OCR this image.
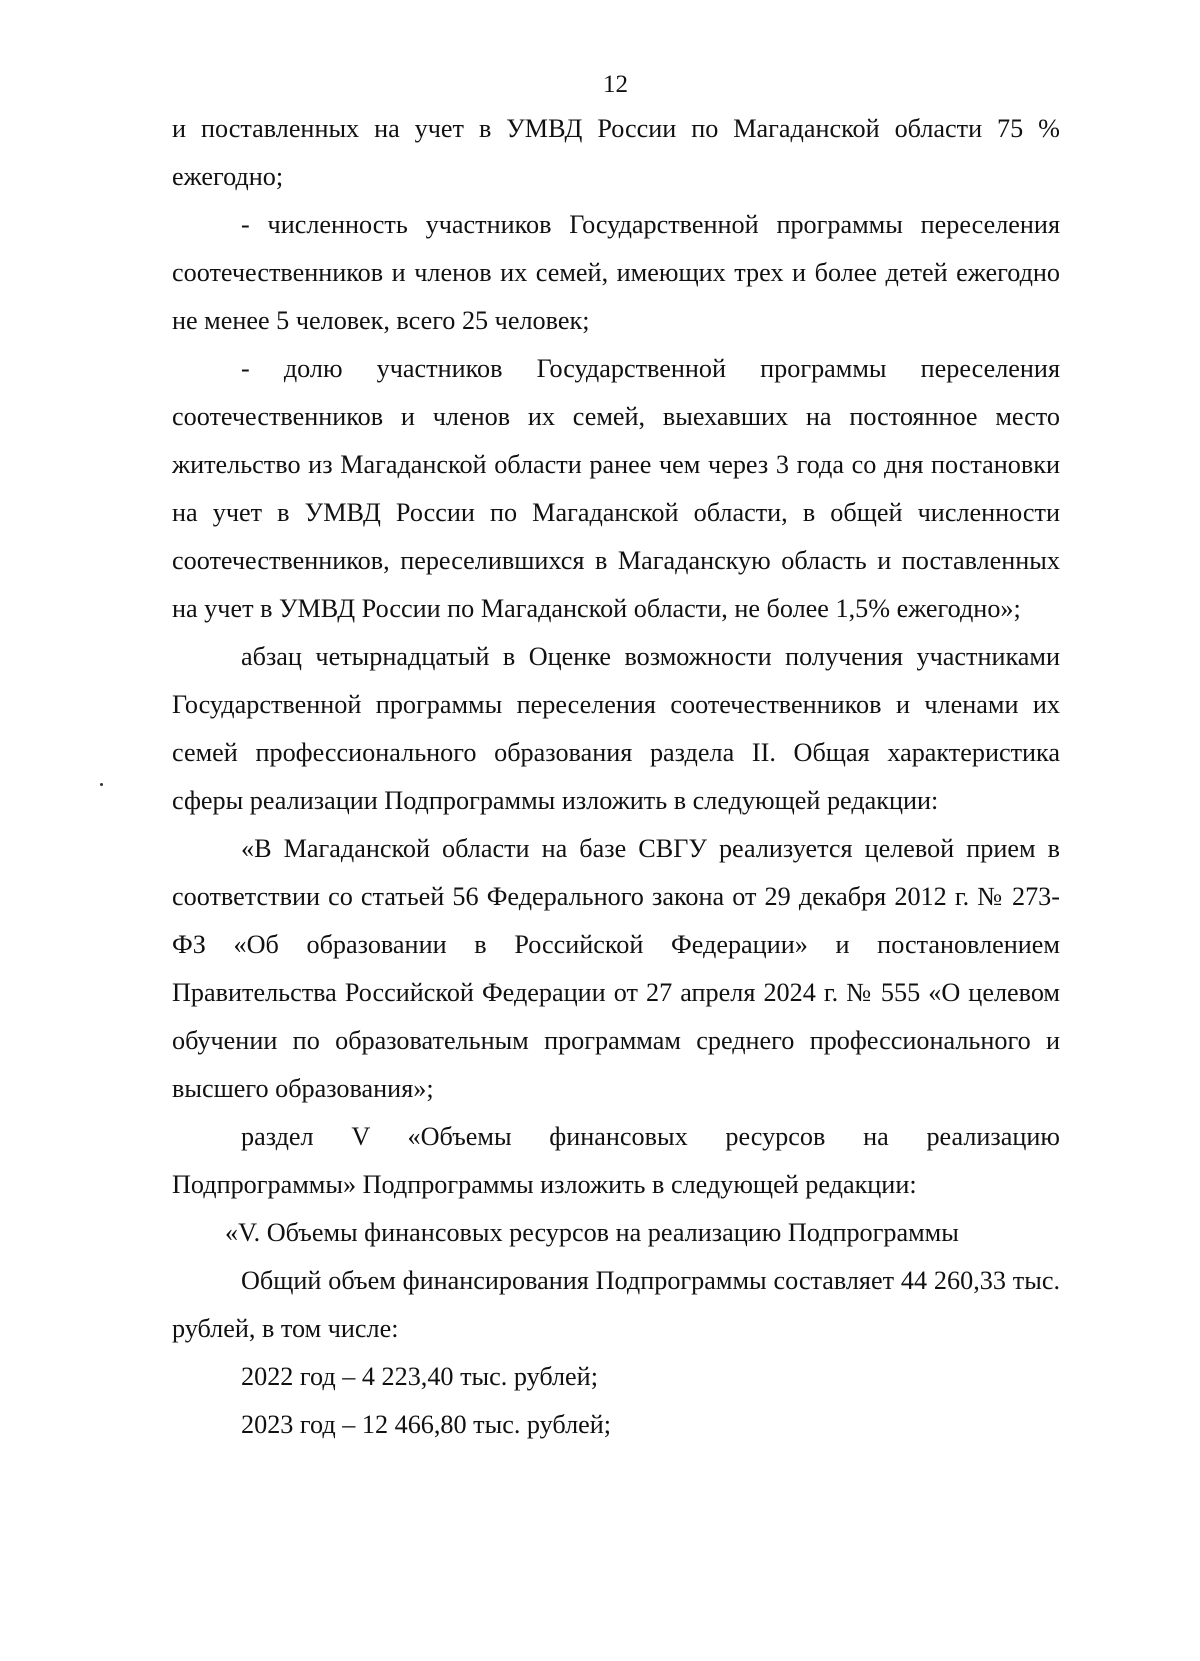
12

и поставленных на учет в УМВД России по Магаданской области 75 % ежегодно;

- численность участников Государственной программы переселения соотечественников и членов их семей, имеющих трех и более детей ежегодно не менее 5 человек, всего 25 человек;

- долю участников Государственной программы переселения соотечественников и членов их семей, выехавших на постоянное место жительство из Магаданской области ранее чем через 3 года со дня постановки на учет в УМВД России по Магаданской области, в общей численности соотечественников, переселившихся в Магаданскую область и поставленных на учет в УМВД России по Магаданской области, не более 1,5% ежегодно»;

абзац четырнадцатый в Оценке возможности получения участниками Государственной программы переселения соотечественников и членами их семей профессионального образования раздела II. Общая характеристика сферы реализации Подпрограммы изложить в следующей редакции:

«В Магаданской области на базе СВГУ реализуется целевой прием в соответствии со статьей 56 Федерального закона от 29 декабря 2012 г. № 273-ФЗ «Об образовании в Российской Федерации» и постановлением Правительства Российской Федерации от 27 апреля 2024 г. № 555 «О целевом обучении по образовательным программам среднего профессионального и высшего образования»;

раздел V «Объемы финансовых ресурсов на реализацию Подпрограммы» Подпрограммы изложить в следующей редакции:

«V. Объемы финансовых ресурсов на реализацию Подпрограммы

Общий объем финансирования Подпрограммы составляет 44 260,33 тыс. рублей, в том числе:

2022 год – 4 223,40 тыс. рублей;

2023 год – 12 466,80 тыс. рублей;
